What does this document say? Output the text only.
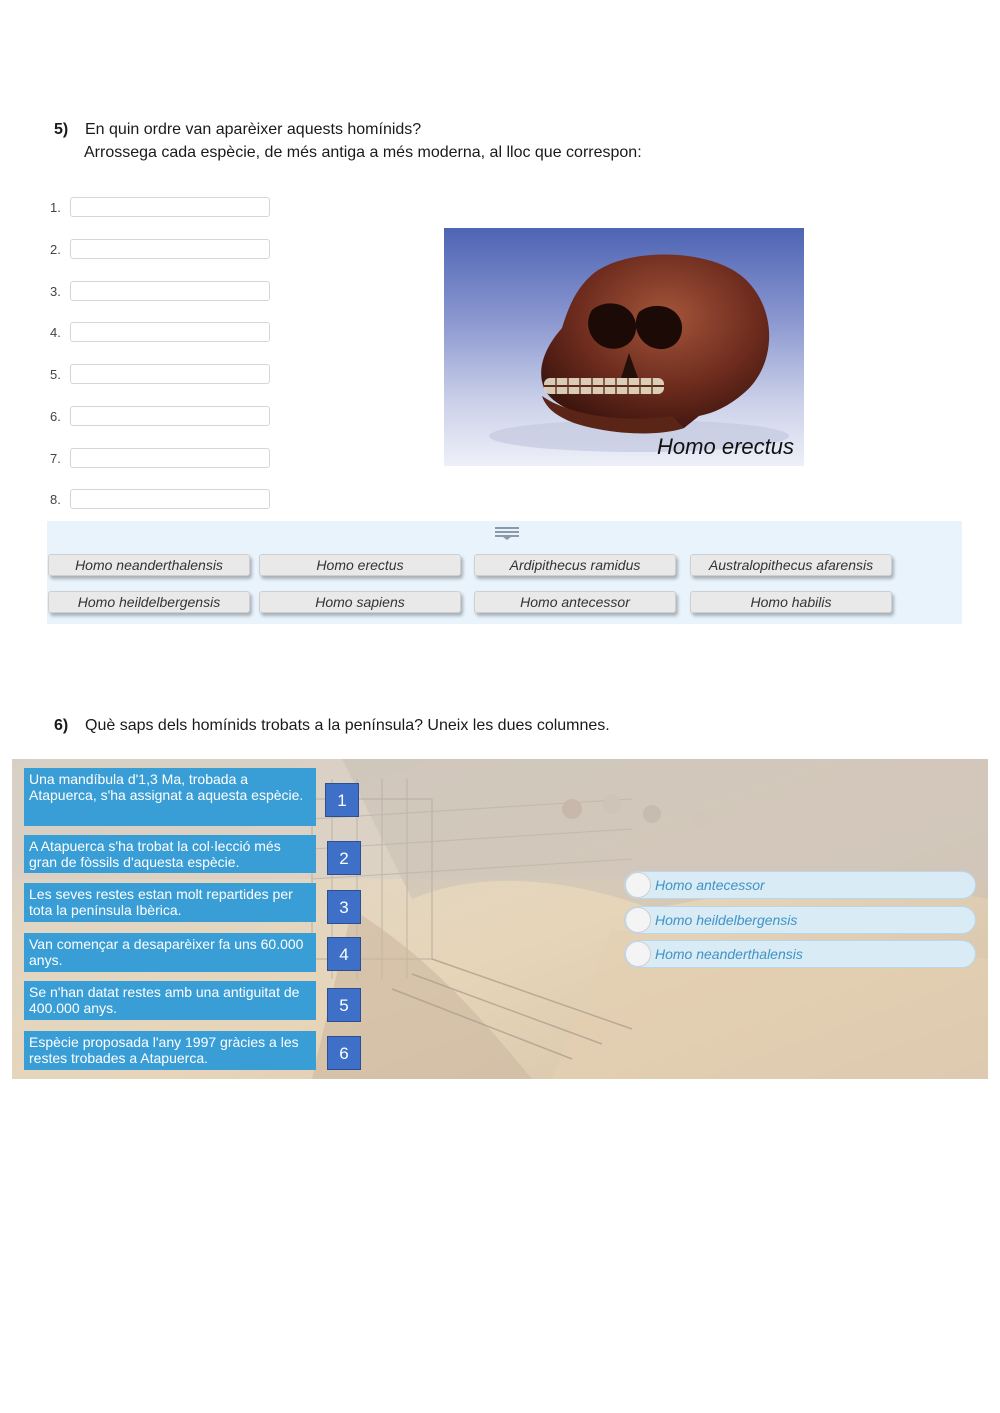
5) En quin ordre van aparèixer aquests homínids?
Arrossega cada espècie, de més antiga a més moderna, al lloc que correspon:
1.
2.
3.
4.
5.
6.
7.
8.
Homo erectus
Homo neanderthalensis	Homo erectus	Ardipithecus ramidus	Australopithecus afarensis
Homo heildelbergensis	Homo sapiens	Homo antecessor	Homo habilis
6) Què saps dels homínids trobats a la península? Uneix les dues columnes.
Una mandíbula d'1,3 Ma, trobada a Atapuerca, s'ha assignat a aquesta espècie.
A Atapuerca s'ha trobat la col·lecció més gran de fòssils d'aquesta espècie.
Les seves restes estan molt repartides per tota la península Ibèrica.
Van començar a desaparèixer fa uns 60.000 anys.
Se n'han datat restes amb una antiguitat de 400.000 anys.
Espècie proposada l'any 1997 gràcies a les restes trobades a Atapuerca.
1
2
3
4
5
6
Homo antecessor
Homo heildelbergensis
Homo neanderthalensis
